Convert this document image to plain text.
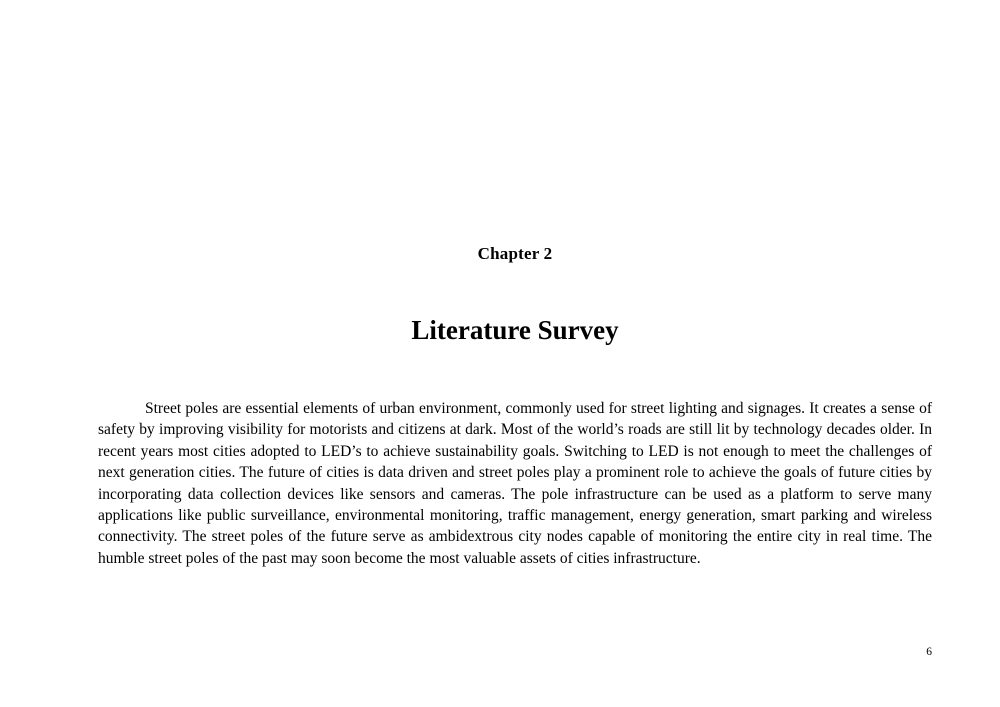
Chapter 2
Literature Survey

Street poles are essential elements of urban environment, commonly used for street lighting and signages. It creates a sense of safety by improving visibility for motorists and citizens at dark. Most of the world’s roads are still lit by technology decades older. In recent years most cities adopted to LED’s to achieve sustainability goals. Switching to LED is not enough to meet the challenges of next generation cities. The future of cities is data driven and street poles play a prominent role to achieve the goals of future cities by incorporating data collection devices like sensors and cameras. The pole infrastructure can be used as a platform to serve many applications like public surveillance, environmental monitoring, traffic management, energy generation, smart parking and wireless connectivity. The street poles of the future serve as ambidextrous city nodes capable of monitoring the entire city in real time. The humble street poles of the past may soon become the most valuable assets of cities infrastructure.

6
